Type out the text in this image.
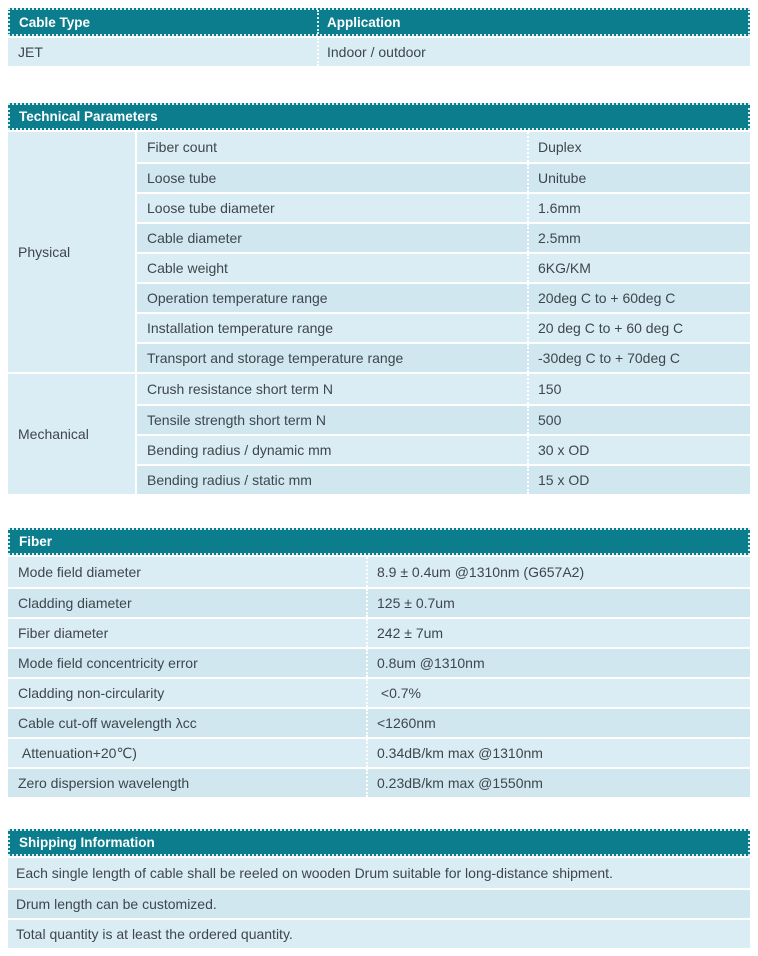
Cable Type	Application
JET	Indoor / outdoor
Technical Parameters
Physical
Fiber count	Duplex
Loose tube	Unitube
Loose tube diameter	1.6mm
Cable diameter	2.5mm
Cable weight	6KG/KM
Operation temperature range	20deg C to + 60deg C
Installation temperature range	20 deg C to + 60 deg C
Transport and storage temperature range	-30deg C to + 70deg C
Mechanical
Crush resistance short term N	150
Tensile strength short term N	500
Bending radius / dynamic mm	30 x OD
Bending radius / static mm	15 x OD
Fiber
Mode field diameter	8.9 ± 0.4um @1310nm (G657A2)
Cladding diameter	125 ± 0.7um
Fiber diameter	242 ± 7um
Mode field concentricity error	0.8um @1310nm
Cladding non-circularity	<0.7%
Cable cut-off wavelength λcc	<1260nm
Attenuation+20℃)	0.34dB/km max @1310nm
Zero dispersion wavelength	0.23dB/km max @1550nm
Shipping Information
Each single length of cable shall be reeled on wooden Drum suitable for long-distance shipment.
Drum length can be customized.
Total quantity is at least the ordered quantity.
